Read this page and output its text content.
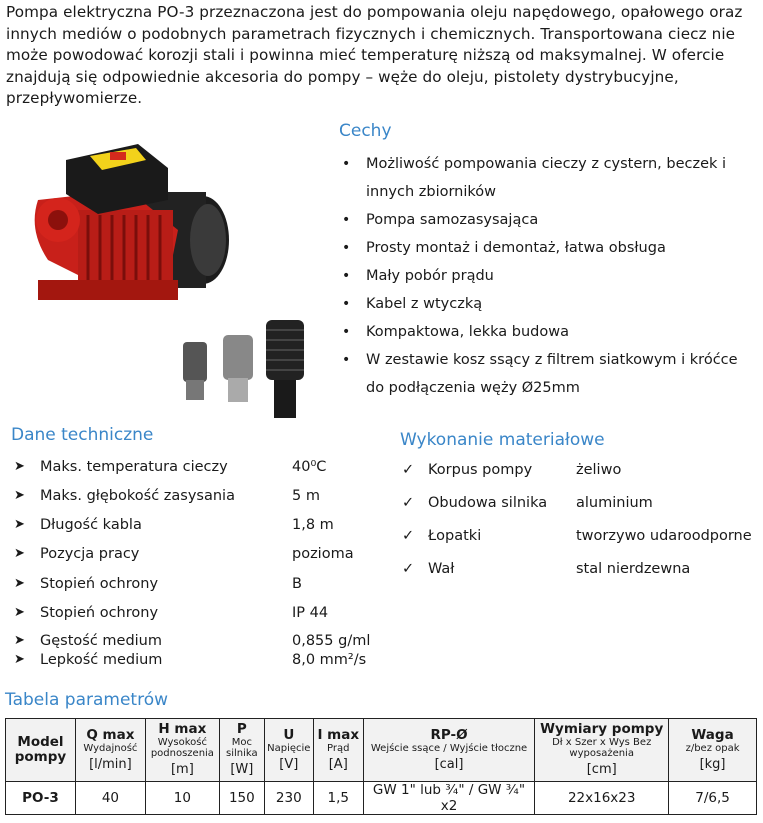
Pompa elektryczna PO-3 przeznaczona jest do pompowania oleju napędowego, opałowego oraz innych mediów o podobnych parametrach fizycznych i chemicznych. Transportowana ciecz nie może powodować korozji stali i powinna mieć temperaturę niższą od maksymalnej. W ofercie znajdują się odpowiednie akcesoria do pompy – węże do oleju, pistolety dystrybucyjne, przepływomierze.
Cechy
• Możliwość pompowania cieczy z cystern, beczek i innych zbiorników
• Pompa samozasysająca
• Prosty montaż i demontaż, łatwa obsługa
• Mały pobór prądu
• Kabel z wtyczką
• Kompaktowa, lekka budowa
• W zestawie kosz ssący z filtrem siatkowym i króćce do podłączenia węży Ø25mm
Dane techniczne
➤ Maks. temperatura cieczy	40⁰C
➤ Maks. głębokość zasysania	5 m
➤ Długość kabla	1,8 m
➤ Pozycja pracy	pozioma
➤ Stopień ochrony	B
➤ Stopień ochrony	IP 44
➤ Gęstość medium	0,855 g/ml
➤ Lepkość medium	8,0 mm²/s
Wykonanie materiałowe
✓ Korpus pompy	żeliwo
✓ Obudowa silnika aluminium
✓ Łopatki	tworzywo udaroodporne
✓ Wał	stal nierdzewna
Tabela parametrów
Model pompy	Q max
Wydajność
[l/min]	H max
Wysokość podnoszenia
[m]	P
Moc silnika
[W]	U
Napięcie
[V]	I max
Prąd
[A]	RP-Ø
Wejście ssące / Wyjście tłoczne
[cal]	Wymiary pompy
Dł x Szer x Wys Bez wyposażenia
[cm]	Waga
z/bez opak
[kg]

PO-3	40	10	150	230	1,5	GW 1" lub ¾" / GW ¾" x2	22x16x23	7/6,5
